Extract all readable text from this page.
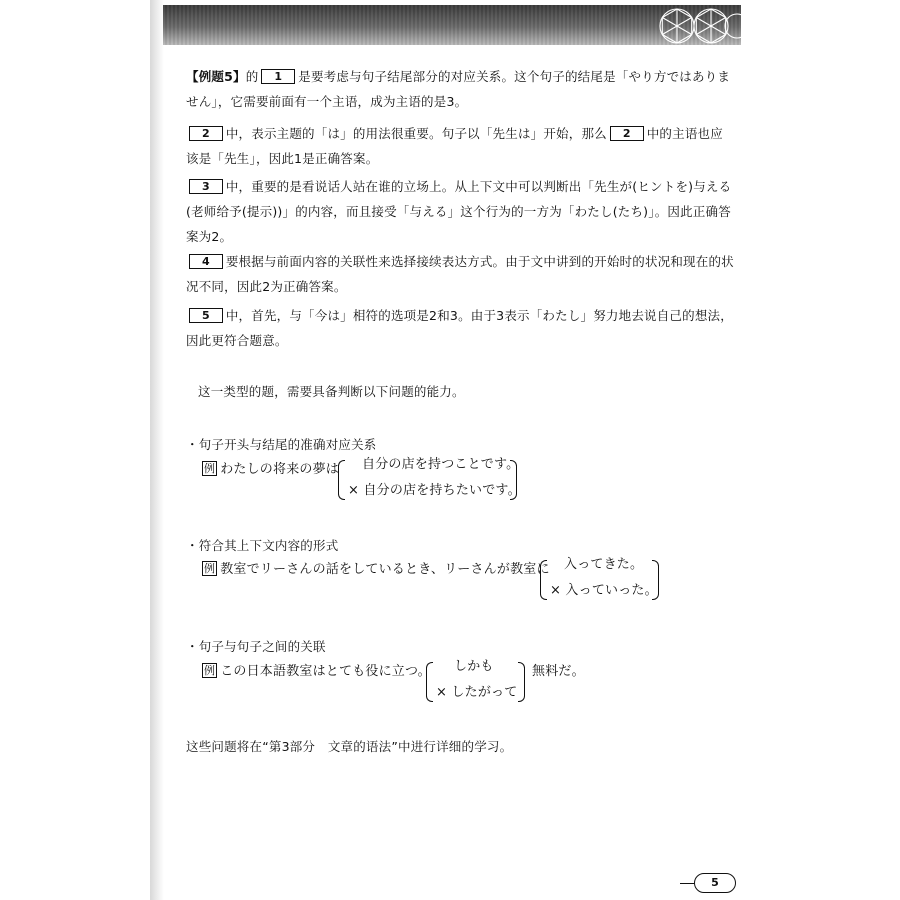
【例题5】的 1 是要考虑与句子结尾部分的对应关系。这个句子的结尾是「やり方ではありません」，它需要前面有一个主语，成为主语的是3。
2 中，表示主题的「は」的用法很重要。句子以「先生は」开始，那么 2 中的主语也应该是「先生」，因此1是正确答案。
3 中，重要的是看说话人站在谁的立场上。从上下文中可以判断出「先生が(ヒントを)与える(老师给予(提示))」的内容，而且接受「与える」这个行为的一方为「わたし(たち)」。因此正确答案为2。
4 要根据与前面内容的关联性来选择接续表达方式。由于文中讲到的开始时的状况和现在的状况不同，因此2为正确答案。
5 中，首先，与「今は」相符的选项是2和3。由于3表示「わたし」努力地去说自己的想法，因此更符合题意。
这一类型的题，需要具备判断以下问题的能力。
・句子开头与结尾的准确对应关系
例 わたしの将来の夢は 自分の店を持つことです。
× 自分の店を持ちたいです。
・符合其上下文内容的形式
例 教室でリーさんの話をしているとき、リーさんが教室に 入ってきた。
× 入っていった。
・句子与句子之间的关联
例 この日本語教室はとても役に立つ。 しかも
× したがって
無料だ。
这些问题将在“第3部分　文章的语法”中进行详细的学习。
5
